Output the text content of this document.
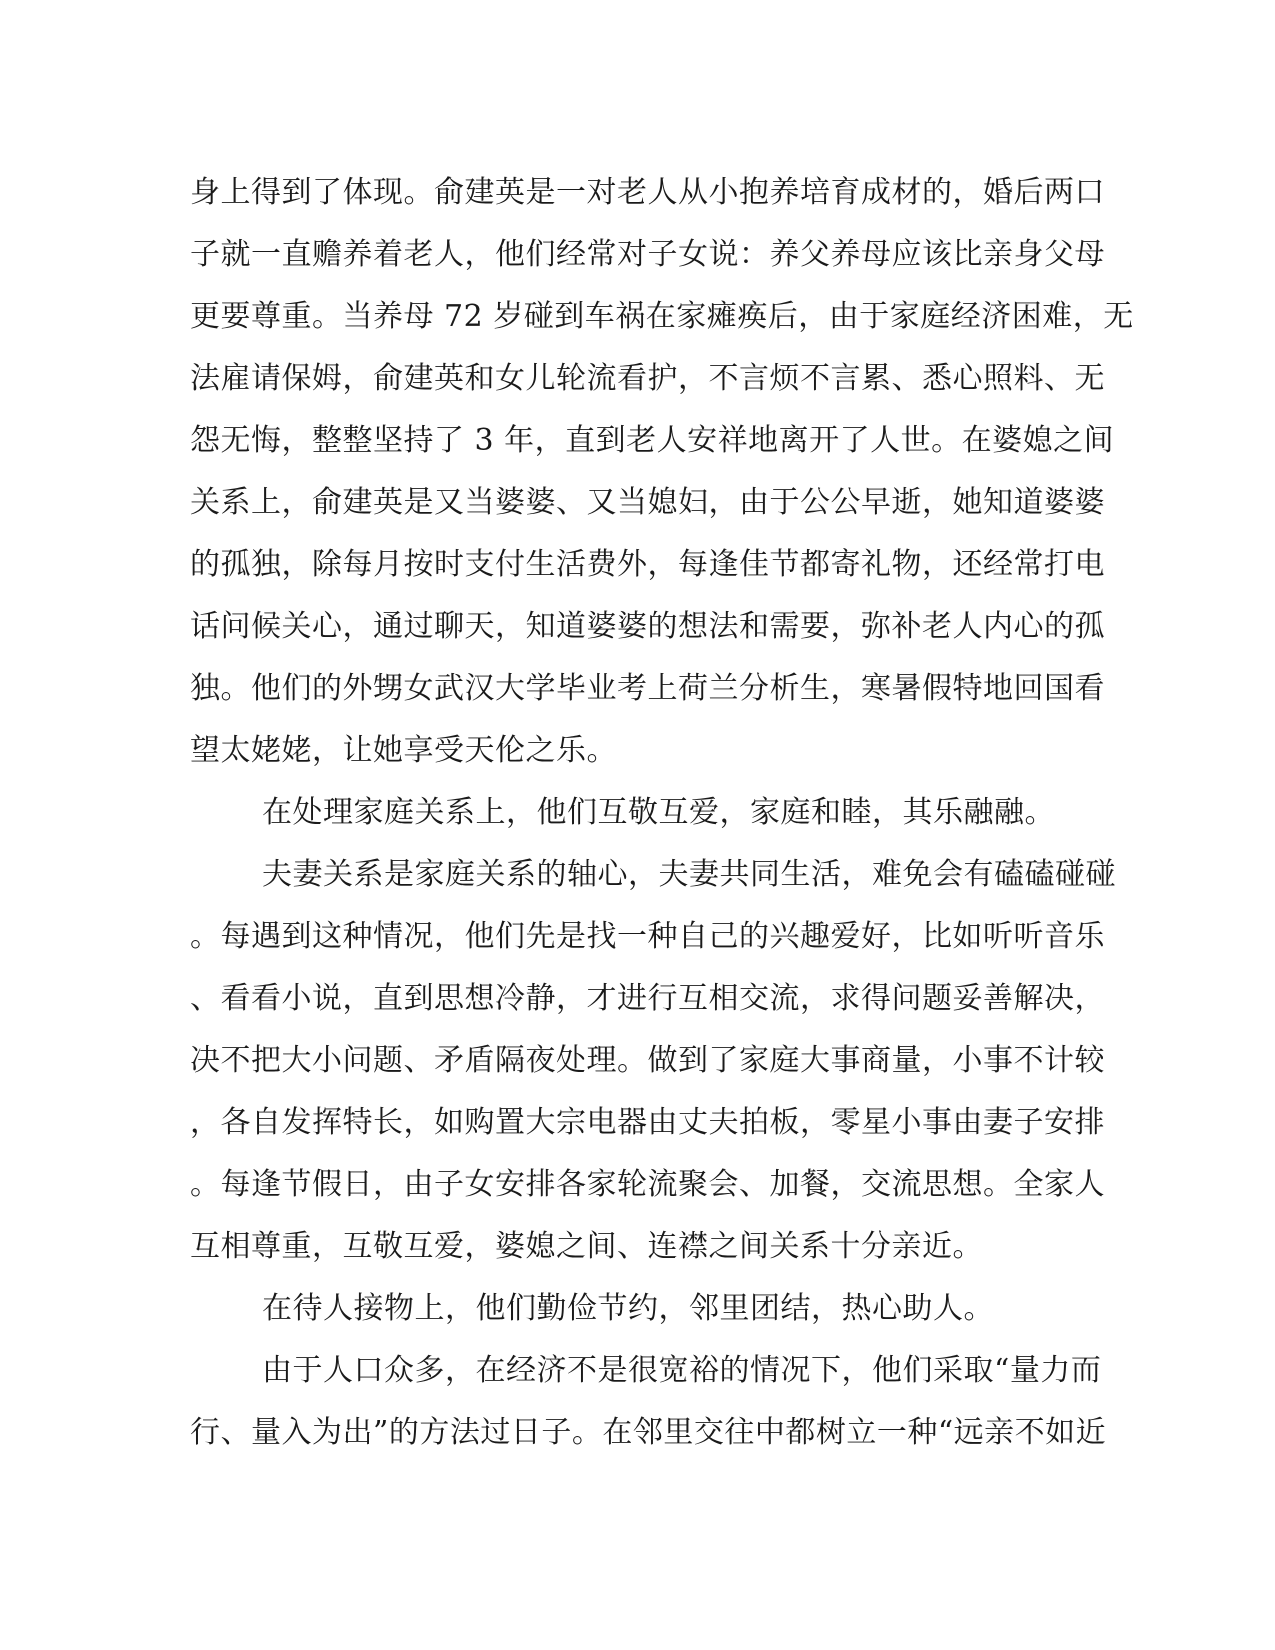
身上得到了体现。俞建英是一对老人从小抱养培育成材的，婚后两口
子就一直赡养着老人，他们经常对子女说：养父养母应该比亲身父母
更要尊重。当养母 72 岁碰到车祸在家瘫痪后，由于家庭经济困难，无
法雇请保姆，俞建英和女儿轮流看护，不言烦不言累、悉心照料、无
怨无悔，整整坚持了 3 年，直到老人安祥地离开了人世。在婆媳之间
关系上，俞建英是又当婆婆、又当媳妇，由于公公早逝，她知道婆婆
的孤独，除每月按时支付生活费外，每逢佳节都寄礼物，还经常打电
话问候关心，通过聊天，知道婆婆的想法和需要，弥补老人内心的孤
独。他们的外甥女武汉大学毕业考上荷兰分析生，寒暑假特地回国看
望太姥姥，让她享受天伦之乐。
在处理家庭关系上，他们互敬互爱，家庭和睦，其乐融融。
夫妻关系是家庭关系的轴心，夫妻共同生活，难免会有磕磕碰碰
。每遇到这种情况，他们先是找一种自己的兴趣爱好，比如听听音乐
、看看小说，直到思想冷静，才进行互相交流，求得问题妥善解决，
决不把大小问题、矛盾隔夜处理。做到了家庭大事商量，小事不计较
，各自发挥特长，如购置大宗电器由丈夫拍板，零星小事由妻子安排
。每逢节假日，由子女安排各家轮流聚会、加餐，交流思想。全家人
互相尊重，互敬互爱，婆媳之间、连襟之间关系十分亲近。
在待人接物上，他们勤俭节约，邻里团结，热心助人。
由于人口众多，在经济不是很宽裕的情况下，他们采取“量力而
行、量入为出”的方法过日子。在邻里交往中都树立一种“远亲不如近
